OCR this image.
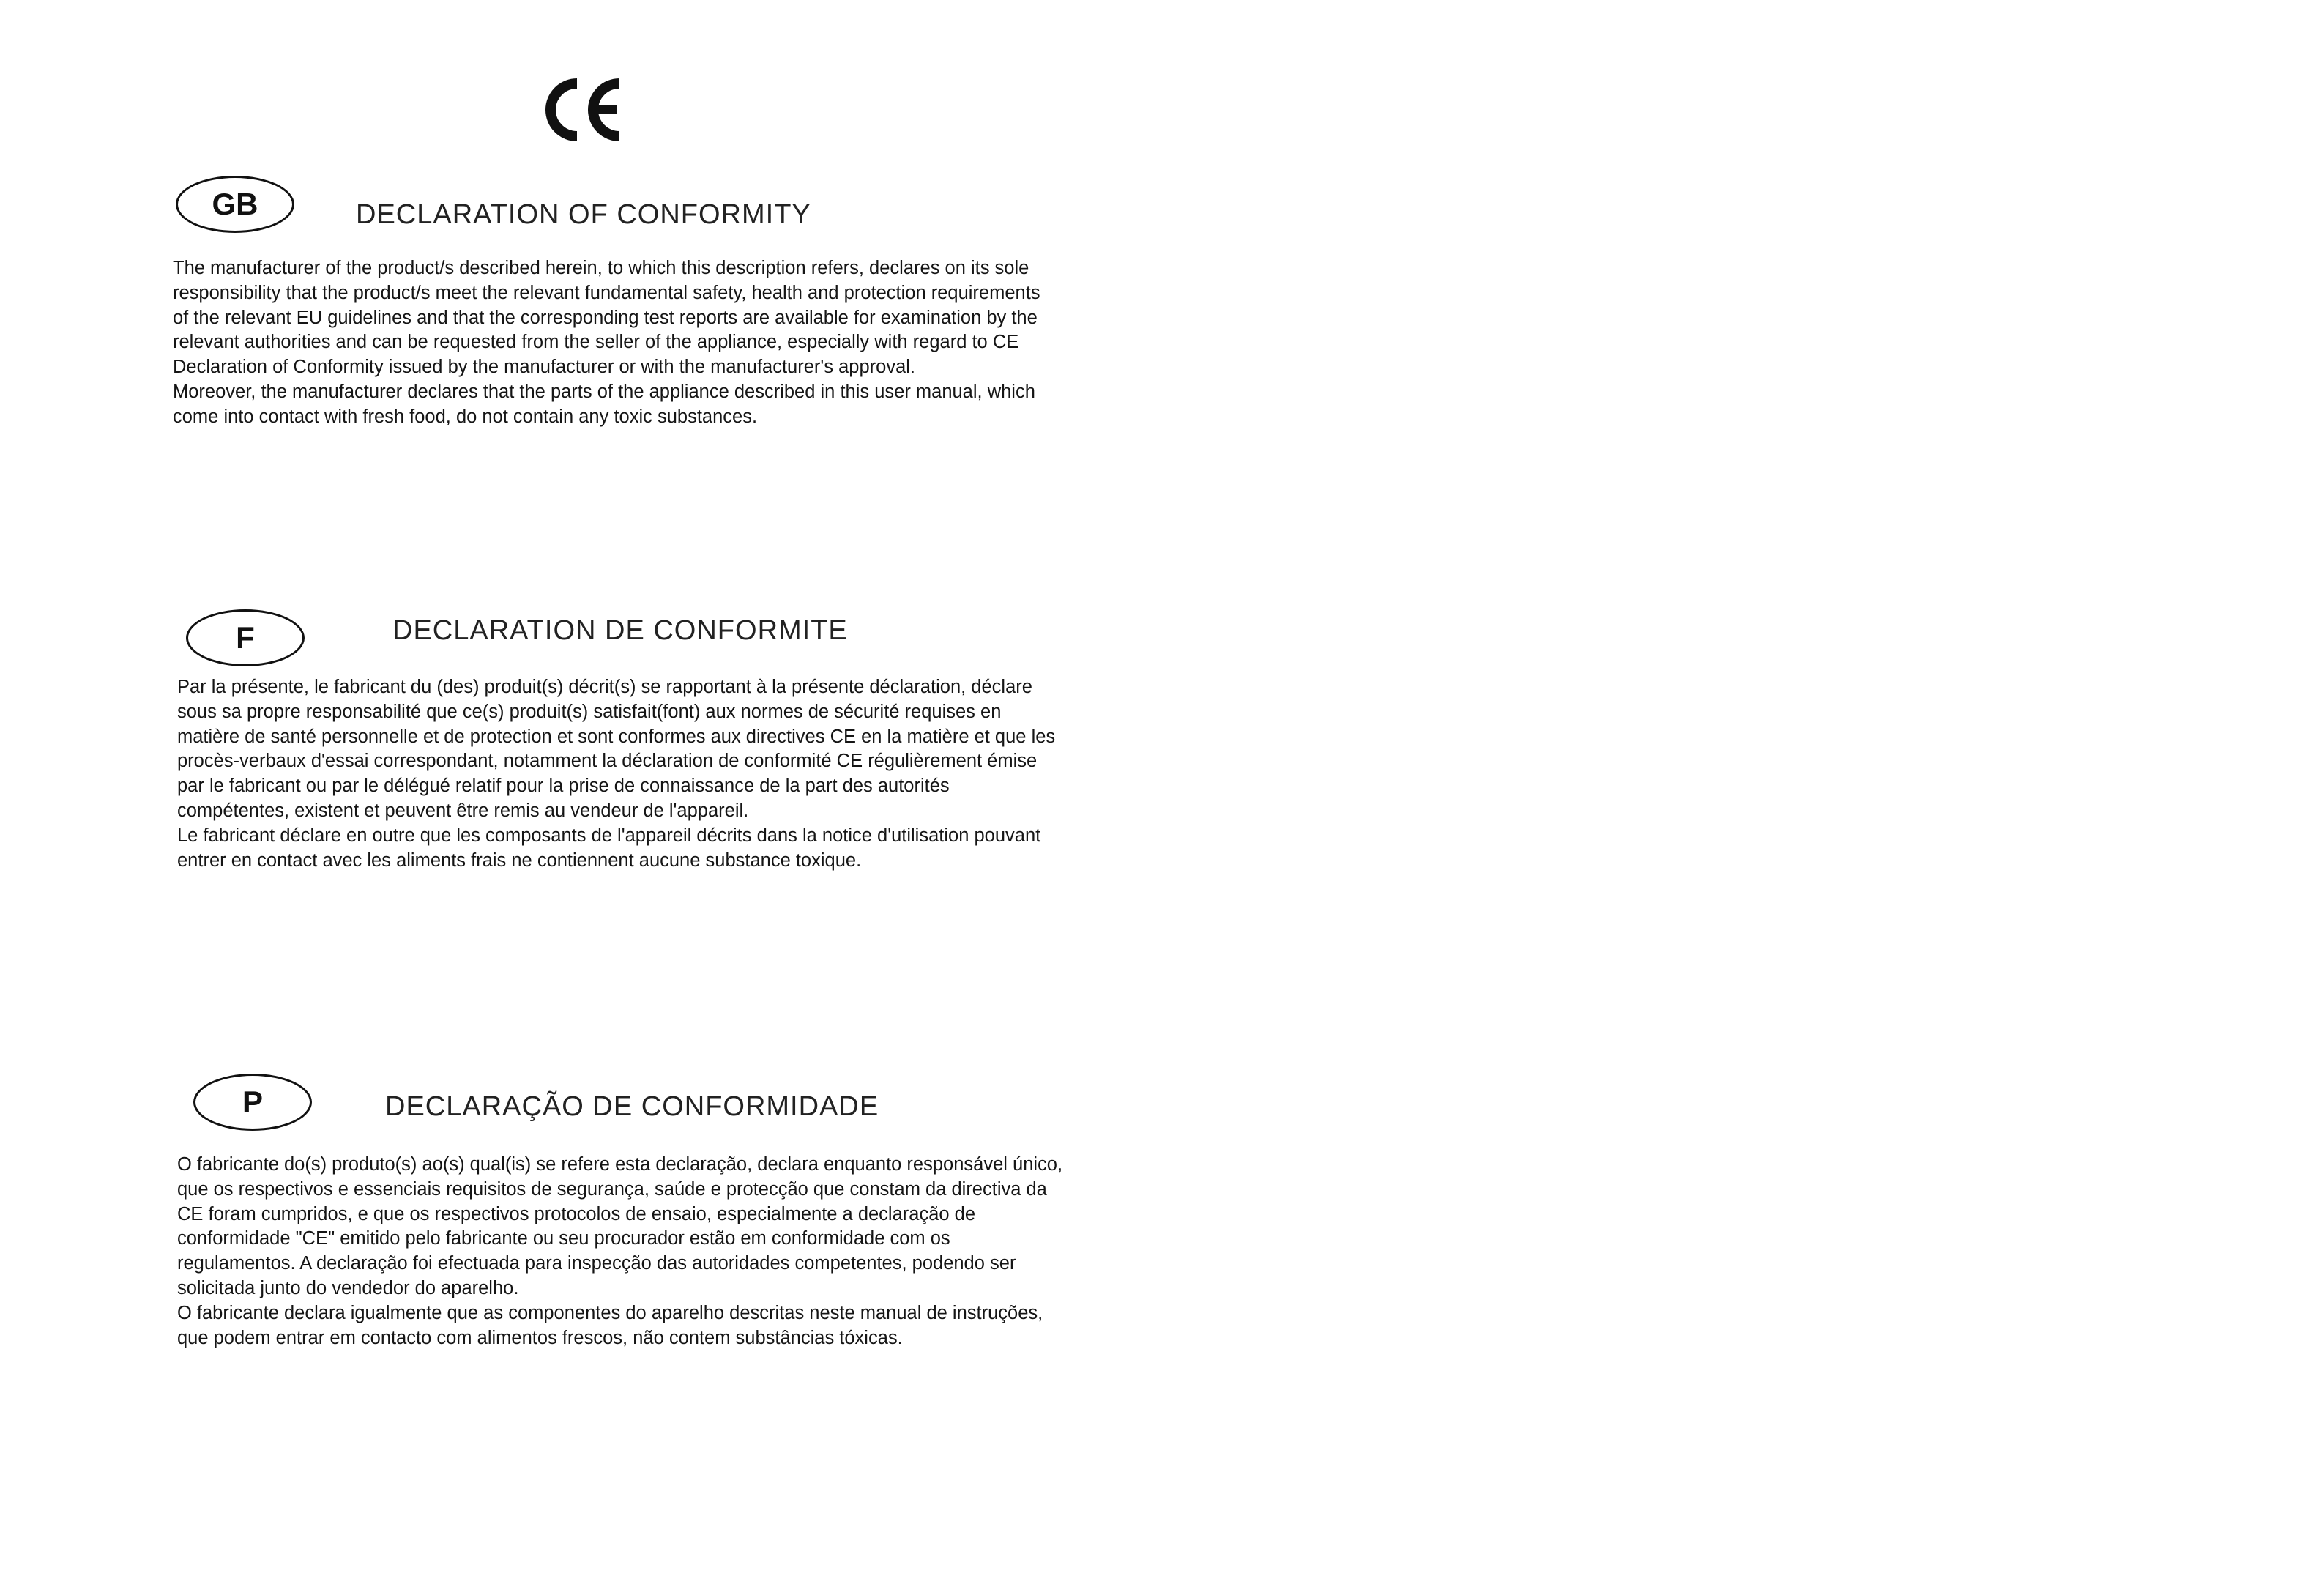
GB	DECLARATION OF CONFORMITY

The manufacturer of the product/s described herein, to which this description refers, declares on its sole responsibility that the product/s meet the relevant fundamental safety, health and protection requirements of the relevant EU guidelines and that the corresponding test reports are available for examination by the relevant authorities and can be requested from the seller of the appliance, especially with regard to CE Declaration of Conformity issued by the manufacturer or with the manufacturer's approval.

Moreover, the manufacturer declares that the parts of the appliance described in this user manual, which come into contact with fresh food, do not contain any toxic substances.

F	DECLARATION DE CONFORMITE

Par la présente, le fabricant du (des) produit(s) décrit(s) se rapportant à la présente déclaration, déclare sous sa propre responsabilité que ce(s) produit(s) satisfait(font) aux normes de sécurité requises en matière de santé personnelle et de protection et sont conformes aux directives CE en la matière et que les procès-verbaux d'essai correspondant, notamment la déclaration de conformité CE régulièrement émise par le fabricant ou par le délégué relatif pour la prise de connaissance de la part des autorités compétentes, existent et peuvent être remis au vendeur de l'appareil.

Le fabricant déclare en outre que les composants de l'appareil décrits dans la notice d'utilisation pouvant entrer en contact avec les aliments frais ne contiennent aucune substance toxique.

P	DECLARAÇÃO DE CONFORMIDADE

O fabricante do(s) produto(s) ao(s) qual(is) se refere esta declaração, declara enquanto responsável único, que os respectivos e essenciais requisitos de segurança, saúde e protecção que constam da directiva da CE foram cumpridos, e que os respectivos protocolos de ensaio, especialmente a declaração de conformidade "CE" emitido pelo fabricante ou seu procurador estão em conformidade com os regulamentos. A declaração foi efectuada para inspecção das autoridades competentes, podendo ser solicitada junto do vendedor do aparelho.

O fabricante declara igualmente que as componentes do aparelho descritas neste manual de instruções, que podem entrar em contacto com alimentos frescos, não contem substâncias tóxicas.
